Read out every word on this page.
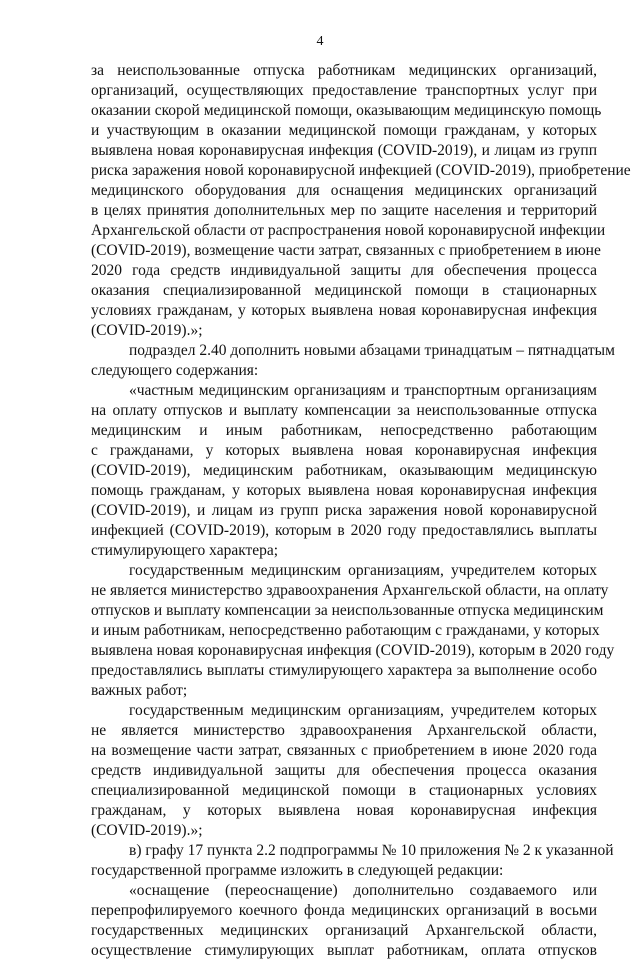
4
за неиспользованные отпуска работникам медицинских организаций,
организаций, осуществляющих предоставление транспортных услуг при
оказании скорой медицинской помощи, оказывающим медицинскую помощь
и участвующим в оказании медицинской помощи гражданам, у которых
выявлена новая коронавирусная инфекция (COVID-2019), и лицам из групп
риска заражения новой коронавирусной инфекцией (COVID-2019), приобретение
медицинского оборудования для оснащения медицинских организаций
в целях принятия дополнительных мер по защите населения и территорий
Архангельской области от распространения новой коронавирусной инфекции
(COVID-2019), возмещение части затрат, связанных с приобретением в июне
2020 года средств индивидуальной защиты для обеспечения процесса
оказания специализированной медицинской помощи в стационарных
условиях гражданам, у которых выявлена новая коронавирусная инфекция
(COVID-2019).»;
подраздел 2.40 дополнить новыми абзацами тринадцатым – пятнадцатым
следующего содержания:
«частным медицинским организациям и транспортным организациям
на оплату отпусков и выплату компенсации за неиспользованные отпуска
медицинским и иным работникам, непосредственно работающим
с гражданами, у которых выявлена новая коронавирусная инфекция
(COVID-2019), медицинским работникам, оказывающим медицинскую
помощь гражданам, у которых выявлена новая коронавирусная инфекция
(COVID-2019), и лицам из групп риска заражения новой коронавирусной
инфекцией (COVID-2019), которым в 2020 году предоставлялись выплаты
стимулирующего характера;
государственным медицинским организациям, учредителем которых
не является министерство здравоохранения Архангельской области, на оплату
отпусков и выплату компенсации за неиспользованные отпуска медицинским
и иным работникам, непосредственно работающим с гражданами, у которых
выявлена новая коронавирусная инфекция (COVID-2019), которым в 2020 году
предоставлялись выплаты стимулирующего характера за выполнение особо
важных работ;
государственным медицинским организациям, учредителем которых
не является министерство здравоохранения Архангельской области,
на возмещение части затрат, связанных с приобретением в июне 2020 года
средств индивидуальной защиты для обеспечения процесса оказания
специализированной медицинской помощи в стационарных условиях
гражданам, у которых выявлена новая коронавирусная инфекция
(COVID-2019).»;
в) графу 17 пункта 2.2 подпрограммы № 10 приложения № 2 к указанной
государственной программе изложить в следующей редакции:
«оснащение (переоснащение) дополнительно создаваемого или
перепрофилируемого коечного фонда медицинских организаций в восьми
государственных медицинских организаций Архангельской области,
осуществление стимулирующих выплат работникам, оплата отпусков
